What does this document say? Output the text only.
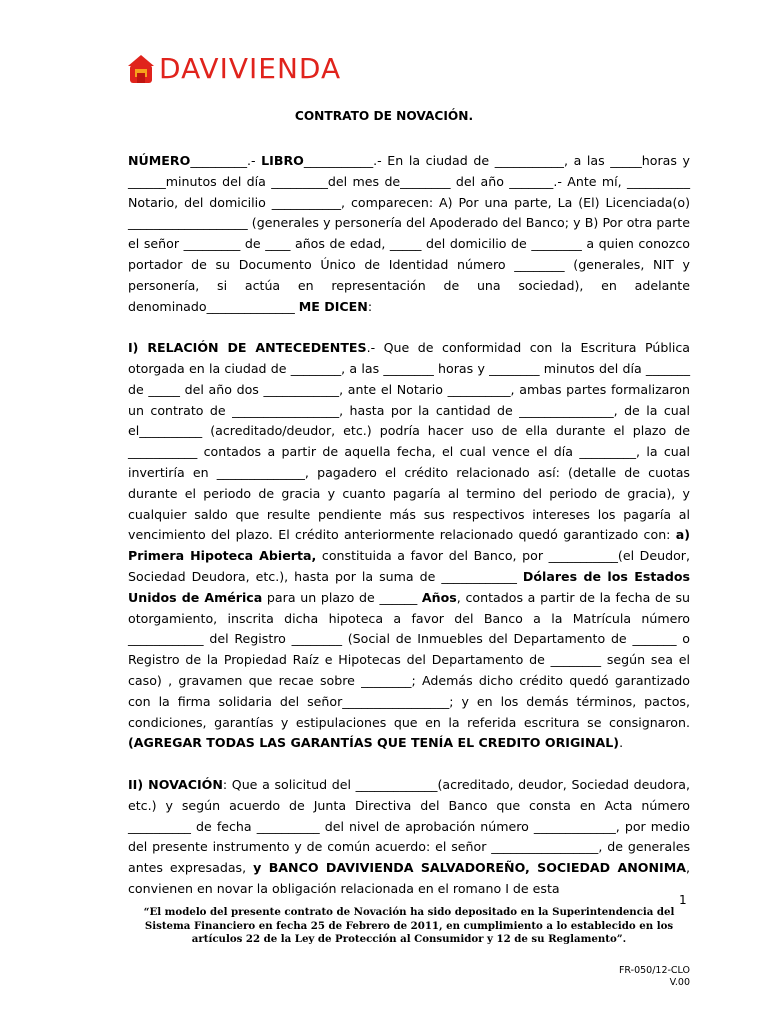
DAVIVIENDA
CONTRATO DE NOVACIÓN.

NÚMERO_________.- LIBRO___________.- En la ciudad de ___________, a las _____horas y ______minutos del día _________del mes de________ del año _______.- Ante mí, __________ Notario, del domicilio ___________, comparecen: A) Por una parte, La (El) Licenciada(o) ___________________ (generales y personería del Apoderado del Banco; y B) Por otra parte el señor _________ de ____ años de edad, _____ del domicilio de ________ a quien conozco portador de su Documento Único de Identidad número ________ (generales, NIT y personería, si actúa en representación de una sociedad), en adelante denominado______________ ME DICEN:

I) RELACIÓN DE ANTECEDENTES.- Que de conformidad con la Escritura Pública otorgada en la ciudad de ________, a las ________ horas y ________ minutos del día _______ de _____ del año dos ____________, ante el Notario __________, ambas partes formalizaron un contrato de _________________, hasta por la cantidad de _______________, de la cual el__________ (acreditado/deudor, etc.) podría hacer uso de ella durante el plazo de ___________ contados a partir de aquella fecha, el cual vence el día _________, la cual invertiría en ______________, pagadero el crédito relacionado así: (detalle de cuotas durante el periodo de gracia y cuanto pagaría al termino del periodo de gracia), y cualquier saldo que resulte pendiente más sus respectivos intereses los pagaría al vencimiento del plazo. El crédito anteriormente relacionado quedó garantizado con: a) Primera Hipoteca Abierta, constituida a favor del Banco, por ___________(el Deudor, Sociedad Deudora, etc.), hasta por la suma de ____________ Dólares de los Estados Unidos de América para un plazo de ______ Años, contados a partir de la fecha de su otorgamiento, inscrita dicha hipoteca a favor del Banco a la Matrícula número ____________ del Registro ________ (Social de Inmuebles del Departamento de _______ o Registro de la Propiedad Raíz e Hipotecas del Departamento de ________ según sea el caso) , gravamen que recae sobre ________; Además dicho crédito quedó garantizado con la firma solidaria del señor_________________; y en los demás términos, pactos, condiciones, garantías y estipulaciones que en la referida escritura se consignaron. (AGREGAR TODAS LAS GARANTÍAS QUE TENÍA EL CREDITO ORIGINAL).

II) NOVACIÓN: Que a solicitud del _____________(acreditado, deudor, Sociedad deudora, etc.) y según acuerdo de Junta Directiva del Banco que consta en Acta número __________ de fecha __________ del nivel de aprobación número _____________, por medio del presente instrumento y de común acuerdo: el señor _________________, de generales antes expresadas, y BANCO DAVIVIENDA SALVADOREÑO, SOCIEDAD ANONIMA, convienen en novar la obligación relacionada en el romano I de esta

1
“El modelo del presente contrato de Novación ha sido depositado en la Superintendencia del Sistema Financiero en fecha 25 de Febrero de 2011, en cumplimiento a lo establecido en los artículos 22 de la Ley de Protección al Consumidor y 12 de su Reglamento”.
FR-050/12-CLO
V.00
